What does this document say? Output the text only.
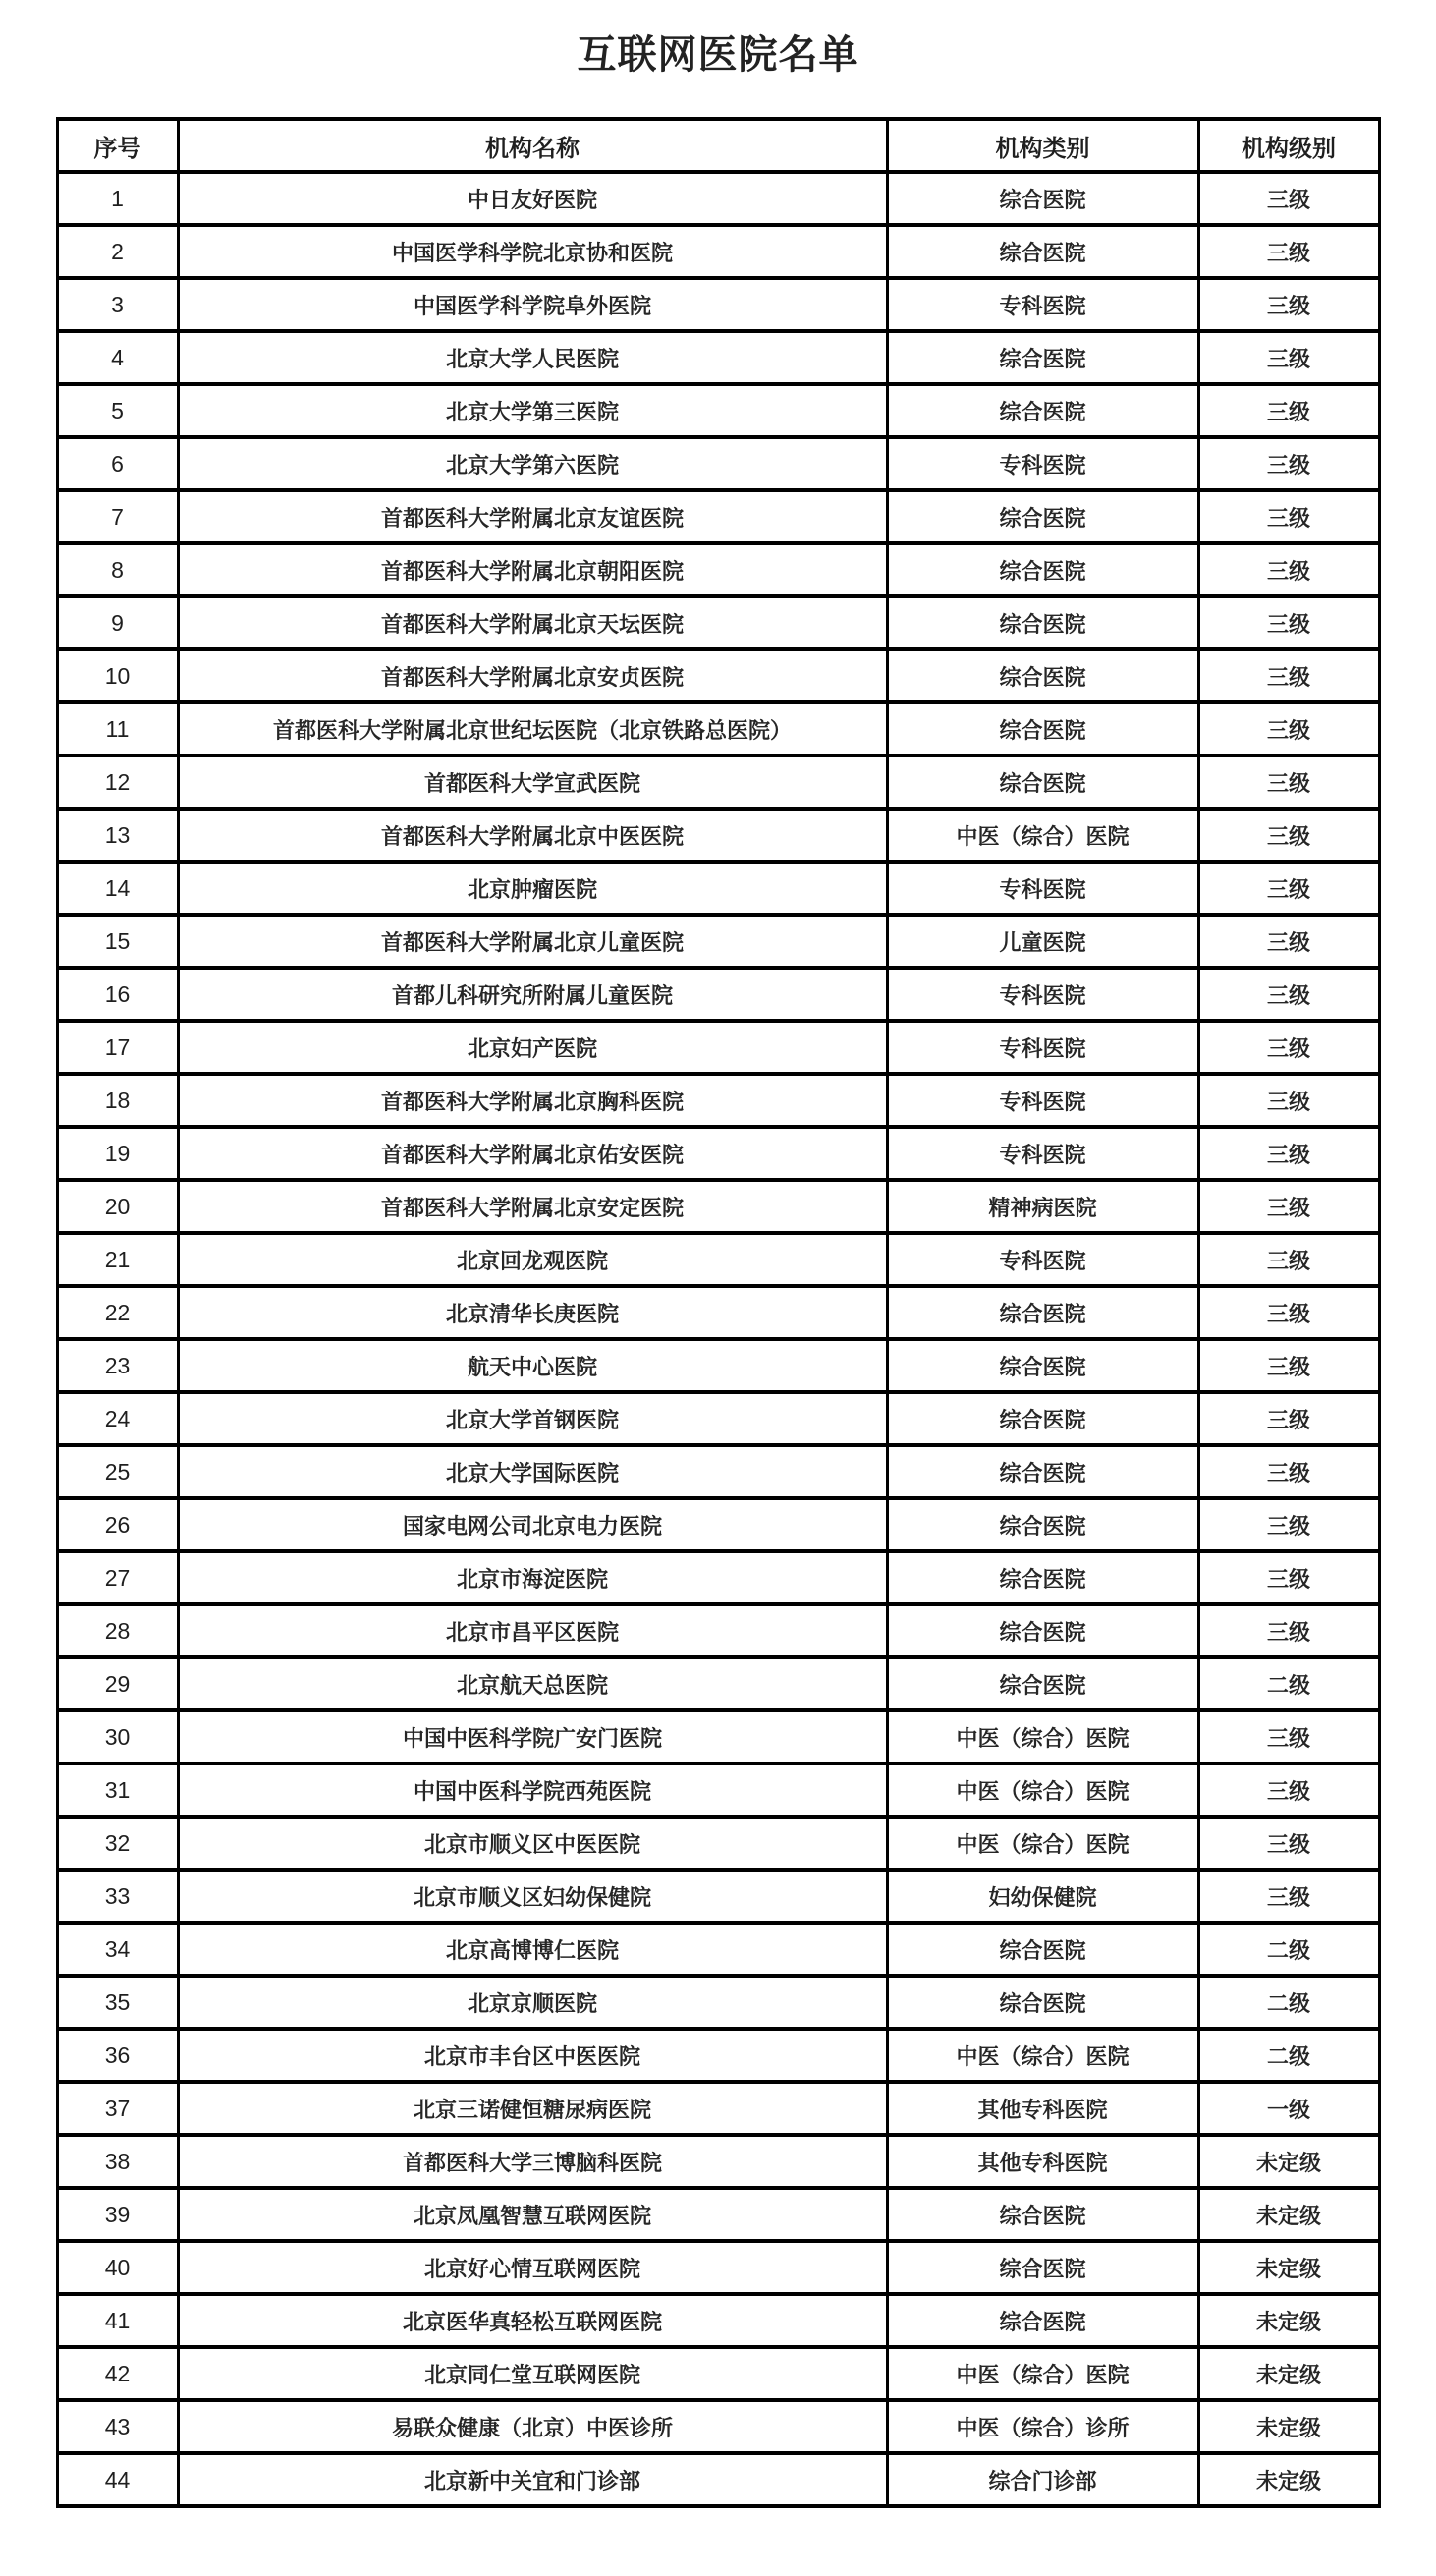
互联网医院名单
序号	机构名称	机构类别	机构级别
1	中日友好医院	综合医院	三级
2	中国医学科学院北京协和医院	综合医院	三级
3	中国医学科学院阜外医院	专科医院	三级
4	北京大学人民医院	综合医院	三级
5	北京大学第三医院	综合医院	三级
6	北京大学第六医院	专科医院	三级
7	首都医科大学附属北京友谊医院	综合医院	三级
8	首都医科大学附属北京朝阳医院	综合医院	三级
9	首都医科大学附属北京天坛医院	综合医院	三级
10	首都医科大学附属北京安贞医院	综合医院	三级
11	首都医科大学附属北京世纪坛医院（北京铁路总医院）	综合医院	三级
12	首都医科大学宣武医院	综合医院	三级
13	首都医科大学附属北京中医医院	中医（综合）医院	三级
14	北京肿瘤医院	专科医院	三级
15	首都医科大学附属北京儿童医院	儿童医院	三级
16	首都儿科研究所附属儿童医院	专科医院	三级
17	北京妇产医院	专科医院	三级
18	首都医科大学附属北京胸科医院	专科医院	三级
19	首都医科大学附属北京佑安医院	专科医院	三级
20	首都医科大学附属北京安定医院	精神病医院	三级
21	北京回龙观医院	专科医院	三级
22	北京清华长庚医院	综合医院	三级
23	航天中心医院	综合医院	三级
24	北京大学首钢医院	综合医院	三级
25	北京大学国际医院	综合医院	三级
26	国家电网公司北京电力医院	综合医院	三级
27	北京市海淀医院	综合医院	三级
28	北京市昌平区医院	综合医院	三级
29	北京航天总医院	综合医院	二级
30	中国中医科学院广安门医院	中医（综合）医院	三级
31	中国中医科学院西苑医院	中医（综合）医院	三级
32	北京市顺义区中医医院	中医（综合）医院	三级
33	北京市顺义区妇幼保健院	妇幼保健院	三级
34	北京高博博仁医院	综合医院	二级
35	北京京顺医院	综合医院	二级
36	北京市丰台区中医医院	中医（综合）医院	二级
37	北京三诺健恒糖尿病医院	其他专科医院	一级
38	首都医科大学三博脑科医院	其他专科医院	未定级
39	北京凤凰智慧互联网医院	综合医院	未定级
40	北京好心情互联网医院	综合医院	未定级
41	北京医华真轻松互联网医院	综合医院	未定级
42	北京同仁堂互联网医院	中医（综合）医院	未定级
43	易联众健康（北京）中医诊所	中医（综合）诊所	未定级
44	北京新中关宜和门诊部	综合门诊部	未定级
